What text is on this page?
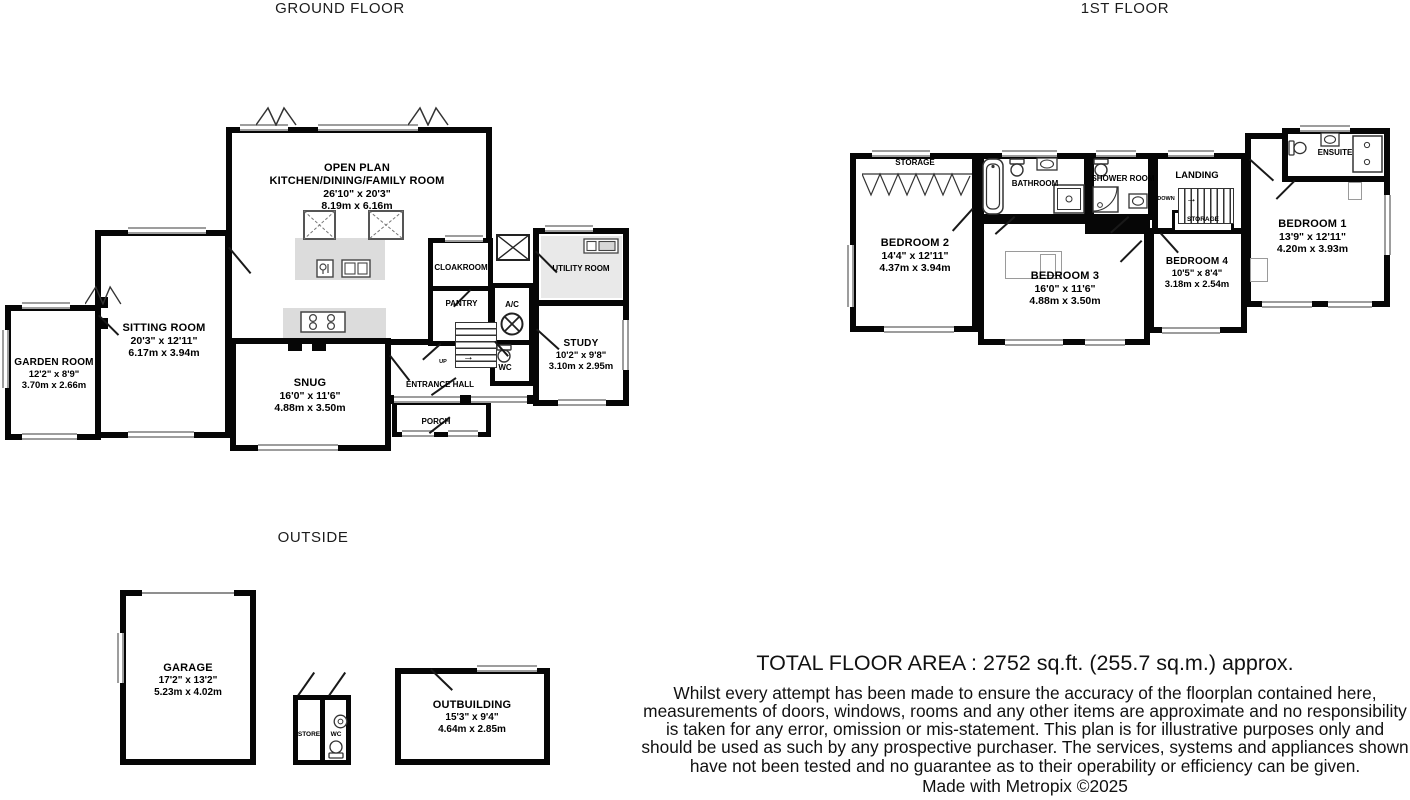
GROUND FLOOR	1ST FLOOR
OUTSIDE
UP	→
OPEN PLAN
KITCHEN/DINING/FAMILY ROOM
26'10" x 20'3"
8.19m x 6.16m
SITTING ROOM
20'3" x 12'11"
6.17m x 3.94m
GARDEN ROOM
12'2" x 8'9"
3.70m x 2.66m	SNUG
16'0" x 11'6"
4.88m x 3.50m
STUDY
10'2" x 9'8"
3.10m x 2.95m
UTILITY ROOM
CLOAKROOM
PANTRY	A/C
WC
ENTRANCE HALL
PORCH
DOWN	→
STORAGE
STORAGE
BEDROOM 2
14'4" x 12'11"
4.37m x 3.94m
BATHROOM
SHOWER ROOM	LANDING
ENSUITE
BEDROOM 3
16'0" x 11'6"
4.88m x 3.50m
BEDROOM 4
10'5" x 8'4"
3.18m x 2.54m
BEDROOM 1
13'9" x 12'11"
4.20m x 3.93m
GARAGE
17'2" x 13'2"
5.23m x 4.02m
STORE	WC
OUTBUILDING
15'3" x 9'4"
4.64m x 2.85m
TOTAL FLOOR AREA : 2752 sq.ft. (255.7 sq.m.) approx.
Whilst every attempt has been made to ensure the accuracy of the floorplan contained here, measurements of doors, windows, rooms and any other items are approximate and no responsibility is taken for any error, omission or mis-statement. This plan is for illustrative purposes only and should be used as such by any prospective purchaser. The services, systems and appliances shown have not been tested and no guarantee as to their operability or efficiency can be given.
Made with Metropix ©2025
